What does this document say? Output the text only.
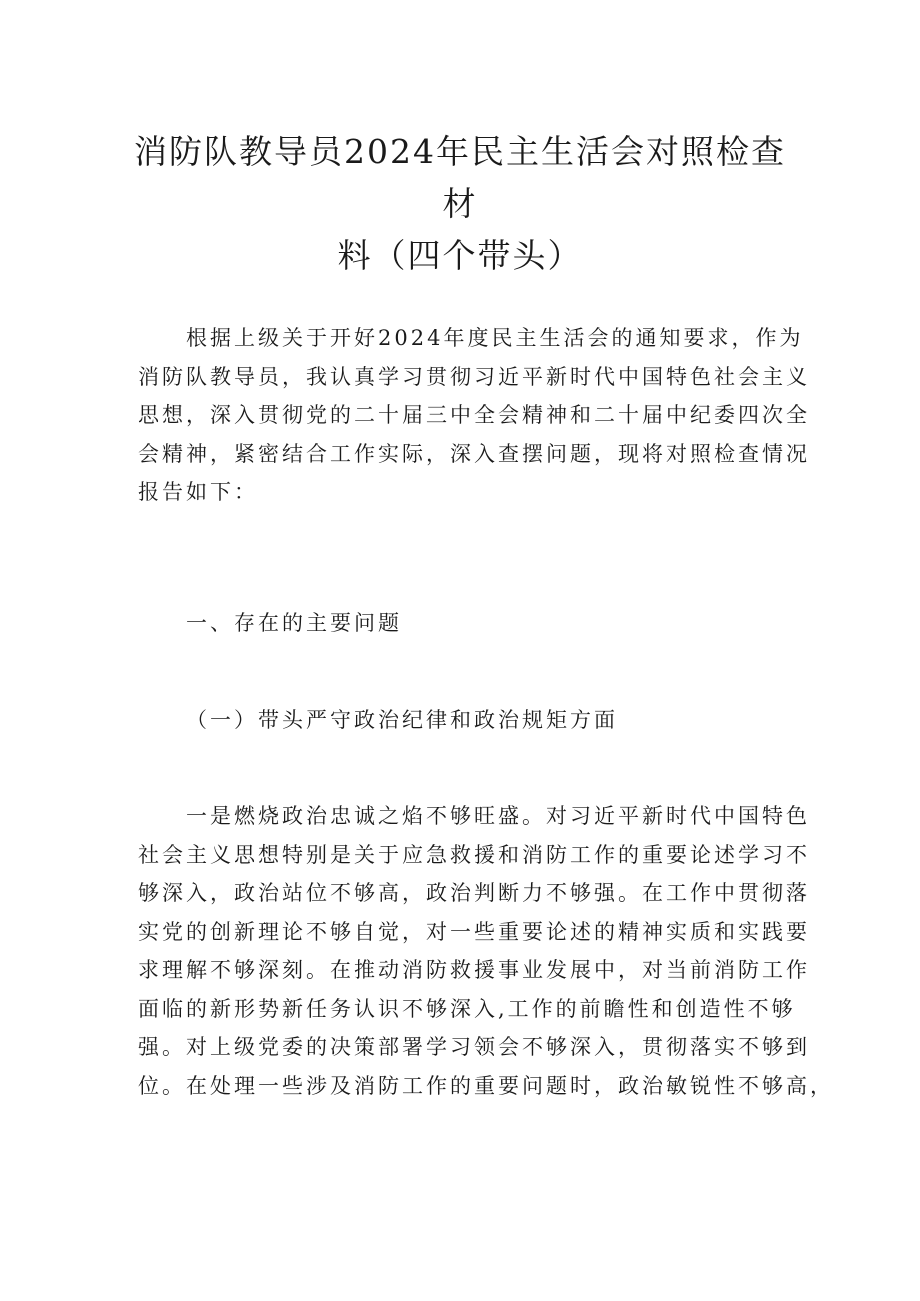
消防队教导员2024年民主生活会对照检查材
料（四个带头）

根据上级关于开好2024年度民主生活会的通知要求，作为
消防队教导员，我认真学习贯彻习近平新时代中国特色社会主义
思想，深入贯彻党的二十届三中全会精神和二十届中纪委四次全
会精神，紧密结合工作实际，深入查摆问题，现将对照检查情况
报告如下：

一、存在的主要问题
（一）带头严守政治纪律和政治规矩方面

一是燃烧政治忠诚之焰不够旺盛。对习近平新时代中国特色
社会主义思想特别是关于应急救援和消防工作的重要论述学习不
够深入，政治站位不够高，政治判断力不够强。在工作中贯彻落
实党的创新理论不够自觉，对一些重要论述的精神实质和实践要
求理解不够深刻。在推动消防救援事业发展中，对当前消防工作
面临的新形势新任务认识不够深入,工作的前瞻性和创造性不够
强。对上级党委的决策部署学习领会不够深入，贯彻落实不够到
位。在处理一些涉及消防工作的重要问题时，政治敏锐性不够高，
